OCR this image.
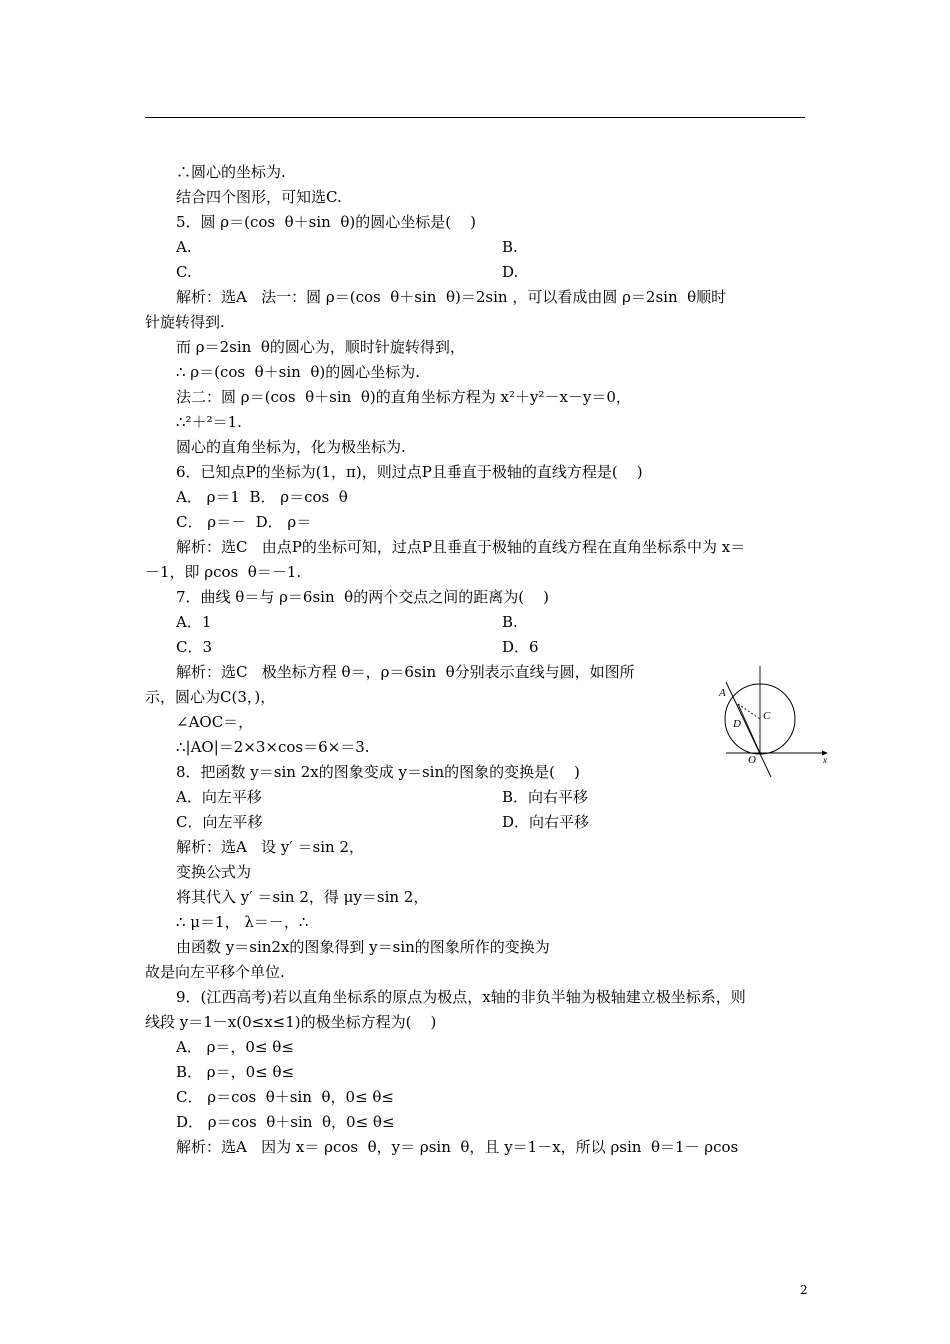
∴圆心的坐标为.
结合四个图形，可知选C.
5．圆 ρ＝(cos  θ＋sin  θ)的圆心坐标是(    )
A.	B.
C.	D.
解析：选A   法一：圆 ρ＝(cos  θ＋sin  θ)＝2sin ，可以看成由圆 ρ＝2sin  θ顺时
针旋转得到.
而 ρ＝2sin  θ的圆心为，顺时针旋转得到，
∴ ρ＝(cos  θ＋sin  θ)的圆心坐标为.
法二：圆 ρ＝(cos  θ＋sin  θ)的直角坐标方程为 x²＋y²－x－y＝0，
∴²＋²＝1.
圆心的直角坐标为，化为极坐标为.
6．已知点P的坐标为(1，π)，则过点P且垂直于极轴的直线方程是(    )
A． ρ＝1  B． ρ＝cos  θ
C． ρ＝－  D． ρ＝
解析：选C   由点P的坐标可知，过点P且垂直于极轴的直线方程在直角坐标系中为 x＝
－1，即 ρcos  θ＝－1.
7．曲线 θ＝与 ρ＝6sin  θ的两个交点之间的距离为(    )
A．1	B.
C．3	D．6
解析：选C   极坐标方程 θ＝，ρ＝6sin  θ分别表示直线与圆，如图所
示，圆心为C(3，)，
∠AOC＝，
∴|AO|＝2×3×cos＝6×＝3.
8．把函数 y＝sin 2x的图象变成 y＝sin的图象的变换是(    )
A．向左平移	B．向右平移
C．向左平移	D．向右平移
解析：选A   设 y′ ＝sin 2，
变换公式为
将其代入 y′ ＝sin 2，得 μy＝sin 2，
∴ μ＝1， λ＝－，∴
由函数 y＝sin2x的图象得到 y＝sin的图象所作的变换为
故是向左平移个单位.
9．(江西高考)若以直角坐标系的原点为极点，x轴的非负半轴为极轴建立极坐标系，则
线段 y＝1－x(0≤x≤1)的极坐标方程为(    )
A． ρ＝，0≤ θ≤
B． ρ＝，0≤ θ≤
C． ρ＝cos  θ＋sin  θ，0≤ θ≤
D． ρ＝cos  θ＋sin  θ，0≤ θ≤
解析：选A   因为 x＝ ρcos  θ，y＝ ρsin  θ，且 y＝1－x，所以 ρsin  θ＝1－ ρcos
A
C
D
O	x
2
